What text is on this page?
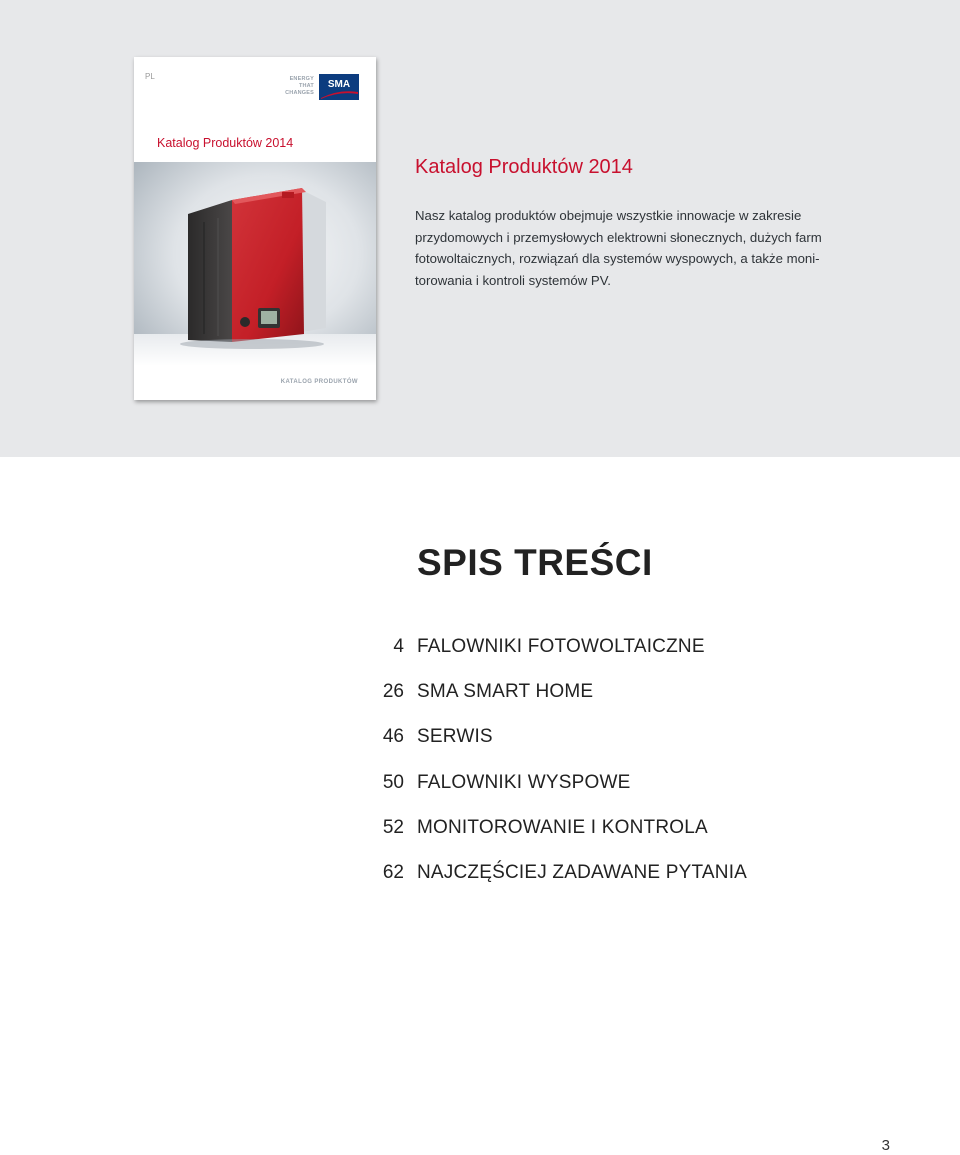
PL	ENERGY
THAT
CHANGES
SMA
Katalog Produktów 2014
KATALOG PRODUKTÓW
Katalog Produktów 2014
Nasz katalog produktów obejmuje wszystkie innowacje w zakresie
przydomowych i przemysłowych elektrowni słonecznych, dużych farm
fotowoltaicznych, rozwiązań dla systemów wyspowych, a także moni-
torowania i kontroli systemów PV.
SPIS TREŚCI
4 FALOWNIKI FOTOWOLTAICZNE
26 SMA SMART HOME
46 SERWIS
50 FALOWNIKI WYSPOWE
52 MONITOROWANIE I KONTROLA
62 NAJCZĘŚCIEJ ZADAWANE PYTANIA
3
